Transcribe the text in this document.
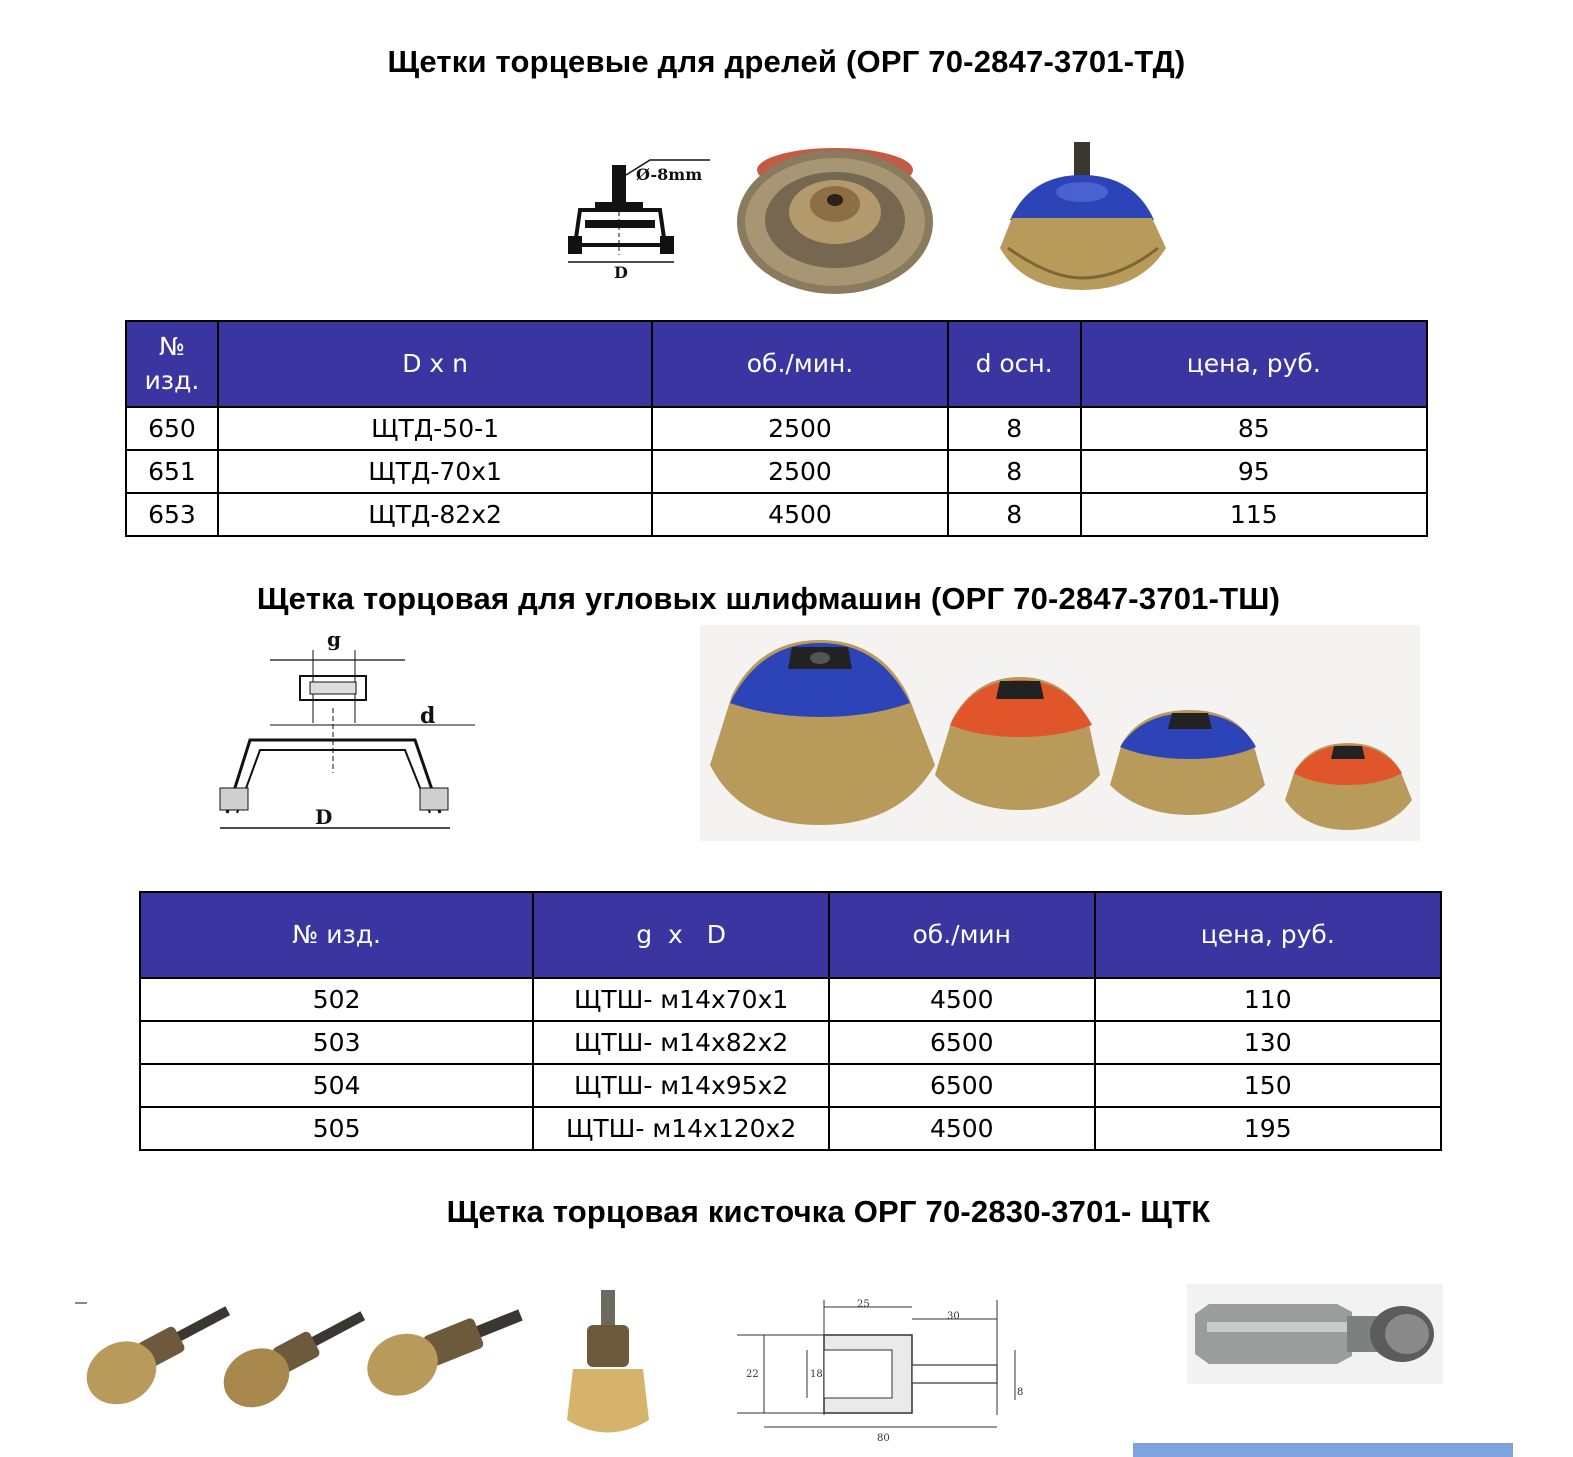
Щетки торцевые для дрелей (ОРГ 70-2847-3701-ТД)
Ø-8mm
D
№ изд.	D x n	об./мин.	d осн.	цена, руб.
650	ЩТД-50-1	2500	8	85
651	ЩТД-70х1	2500	8	95
653	ЩТД-82х2	4500	8	115
Щетка торцовая для угловых шлифмашин (ОРГ 70-2847-3701-ТШ)
g
d
D
№ изд.	g  x   D	об./мин	цена, руб.
502	ЩТШ- м14х70х1	4500	110
503	ЩТШ- м14х82х2	6500	130
504	ЩТШ- м14х95х2	6500	150
505	ЩТШ- м14х120х2	4500	195
Щетка торцовая кисточка ОРГ 70-2830-3701- ЩТК
25
30
22	18
8
80
